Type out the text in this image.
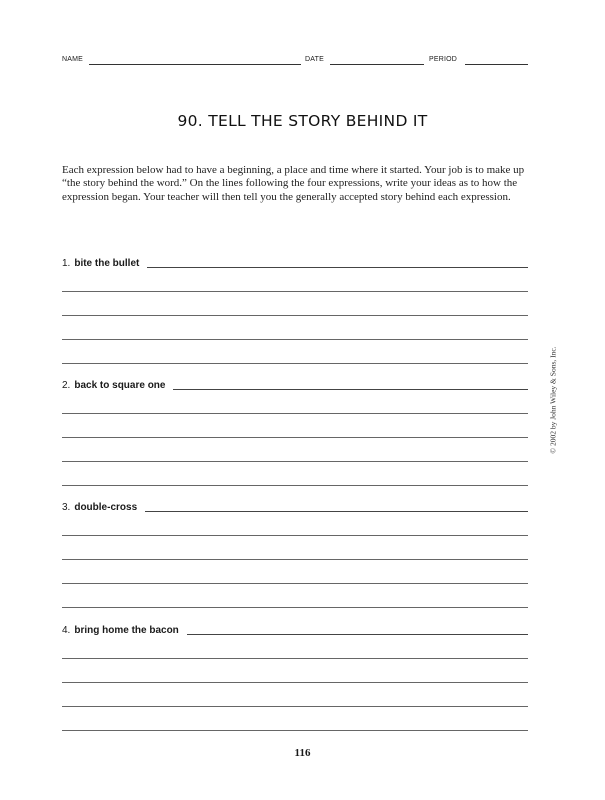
NAME	DATE	PERIOD
90. TELL THE STORY BEHIND IT
Each expression below had to have a beginning, a place and time where it started. Your job is to make up “the story behind the word.” On the lines following the four expressions, write your ideas as to how the expression began. Your teacher will then tell you the generally accepted story behind each expression.
1. bite the bullet
2. back to square one
3. double-cross
4. bring home the bacon
© 2002 by John Wiley & Sons, Inc.
116
